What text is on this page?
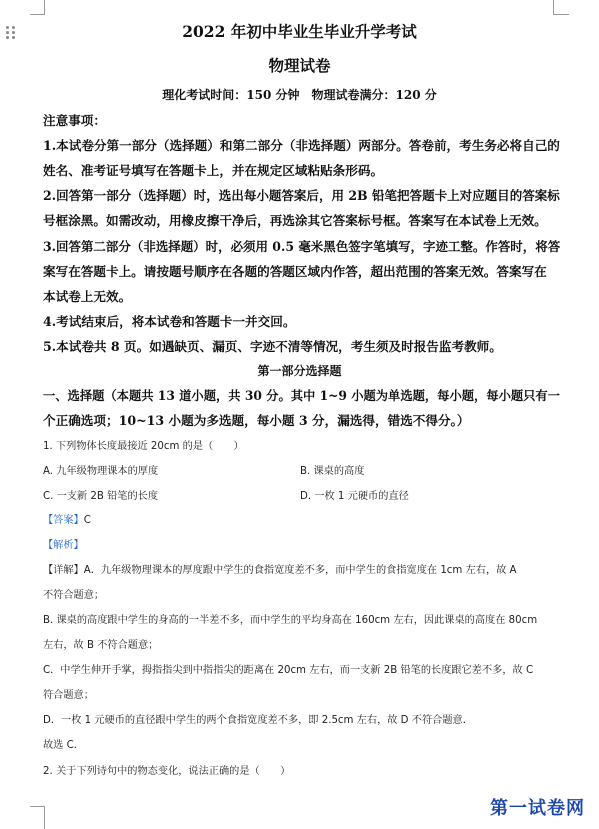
2022 年初中毕业生毕业升学考试
物理试卷
理化考试时间：150 分钟　物理试卷满分：120 分
注意事项：
1.本试卷分第一部分（选择题）和第二部分（非选择题）两部分。答卷前，考生务必将自己的
姓名、准考证号填写在答题卡上，并在规定区域粘贴条形码。
2.回答第一部分（选择题）时，选出每小题答案后，用 2B 铅笔把答题卡上对应题目的答案标
号框涂黑。如需改动，用橡皮擦干净后，再选涂其它答案标号框。答案写在本试卷上无效。
3.回答第二部分（非选择题）时，必须用 0.5 毫米黑色签字笔填写，字迹工整。作答时，将答
案写在答题卡上。请按题号顺序在各题的答题区域内作答，超出范围的答案无效。答案写在
本试卷上无效。
4.考试结束后，将本试卷和答题卡一并交回。
5.本试卷共 8 页。如遇缺页、漏页、字迹不清等情况，考生须及时报告监考教师。
第一部分选择题
一、选择题（本题共 13 道小题，共 30 分。其中 1~9 小题为单选题，每小题，每小题只有一
个正确选项；10~13 小题为多选题，每小题 3 分，漏选得，错选不得分。）
1. 下列物体长度最接近 20cm 的是（　　）
A. 九年级物理课本的厚度	B. 课桌的高度
C. 一支新 2B 铅笔的长度	D. 一枚 1 元硬币的直径
【答案】C
【解析】
【详解】A．九年级物理课本的厚度跟中学生的食指宽度差不多，而中学生的食指宽度在 1cm 左右，故 A
不符合题意；
B. 课桌的高度跟中学生的身高的一半差不多，而中学生的平均身高在 160cm 左右，因此课桌的高度在 80cm
左右，故 B 不符合题意；
C．中学生伸开手掌，拇指指尖到中指指尖的距离在 20cm 左右，而一支新 2B 铅笔的长度跟它差不多，故 C
符合题意；
D．一枚 1 元硬币的直径跟中学生的两个食指宽度差不多，即 2.5cm 左右，故 D 不符合题意．
故选 C．
2. 关于下列诗句中的物态变化，说法正确的是（　　）
第一试卷网
